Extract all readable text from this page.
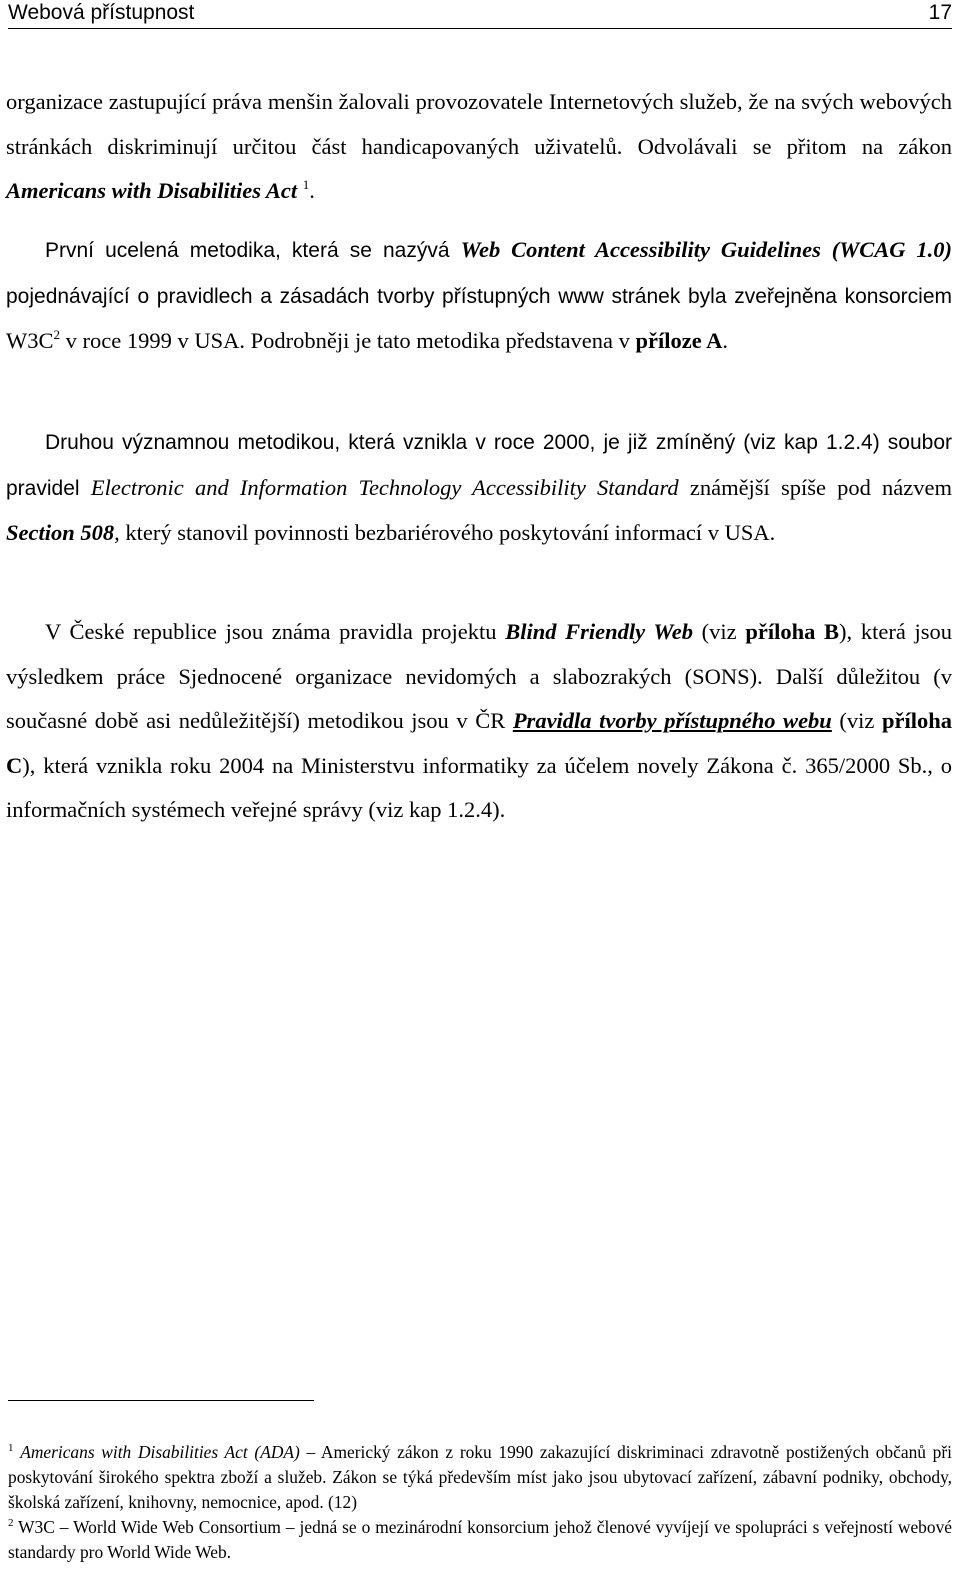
Webová přístupnost	17

organizace zastupující práva menšin žalovali provozovatele Internetových služeb, že na svých webových stránkách diskriminují určitou část handicapovaných uživatelů. Odvolávali se přitom na zákon Americans with Disabilities Act $^1$.

První ucelená metodika, která se nazývá Web Content Accessibility Guidelines (WCAG 1.0) pojednávající o pravidlech a zásadách tvorby přístupných www stránek byla zveřejněna konsorciem $W3C^2$ v roce 1999 v USA. Podrobněji je tato metodika představena v příloze A.

Druhou významnou metodikou, která vznikla v roce 2000, je již zmíněný (viz kap 1.2.4) soubor pravidel Electronic and Information Technology Accessibility Standard známější spíše pod názvem Section 508, který stanovil povinnosti bezbariérového poskytování informací v USA.

V České republice jsou známa pravidla projektu Blind Friendly Web (viz příloha B), která jsou výsledkem práce Sjednocené organizace nevidomých a slabozrakých (SONS). Další důležitou (v současné době asi nedůležitější) metodikou jsou v ČR Pravidla tvorby přístupného webu (viz příloha C), která vznikla roku 2004 na Ministerstvu informatiky za účelem novely Zákona č. 365/2000 Sb., o informačních systémech veřejné správy (viz kap 1.2.4).

$^1$ Americans with Disabilities Act (ADA) – Americký zákon z roku 1990 zakazující diskriminaci zdravotně postižených občanů při poskytování širokého spektra zboží a služeb. Zákon se týká především míst jako jsou ubytovací zařízení, zábavní podniky, obchody, školská zařízení, knihovny, nemocnice, apod. (12)

$^2$ W3C – World Wide Web Consortium – jedná se o mezinárodní konsorcium jehož členové vyvíjejí ve spolupráci s veřejností webové standardy pro World Wide Web.
